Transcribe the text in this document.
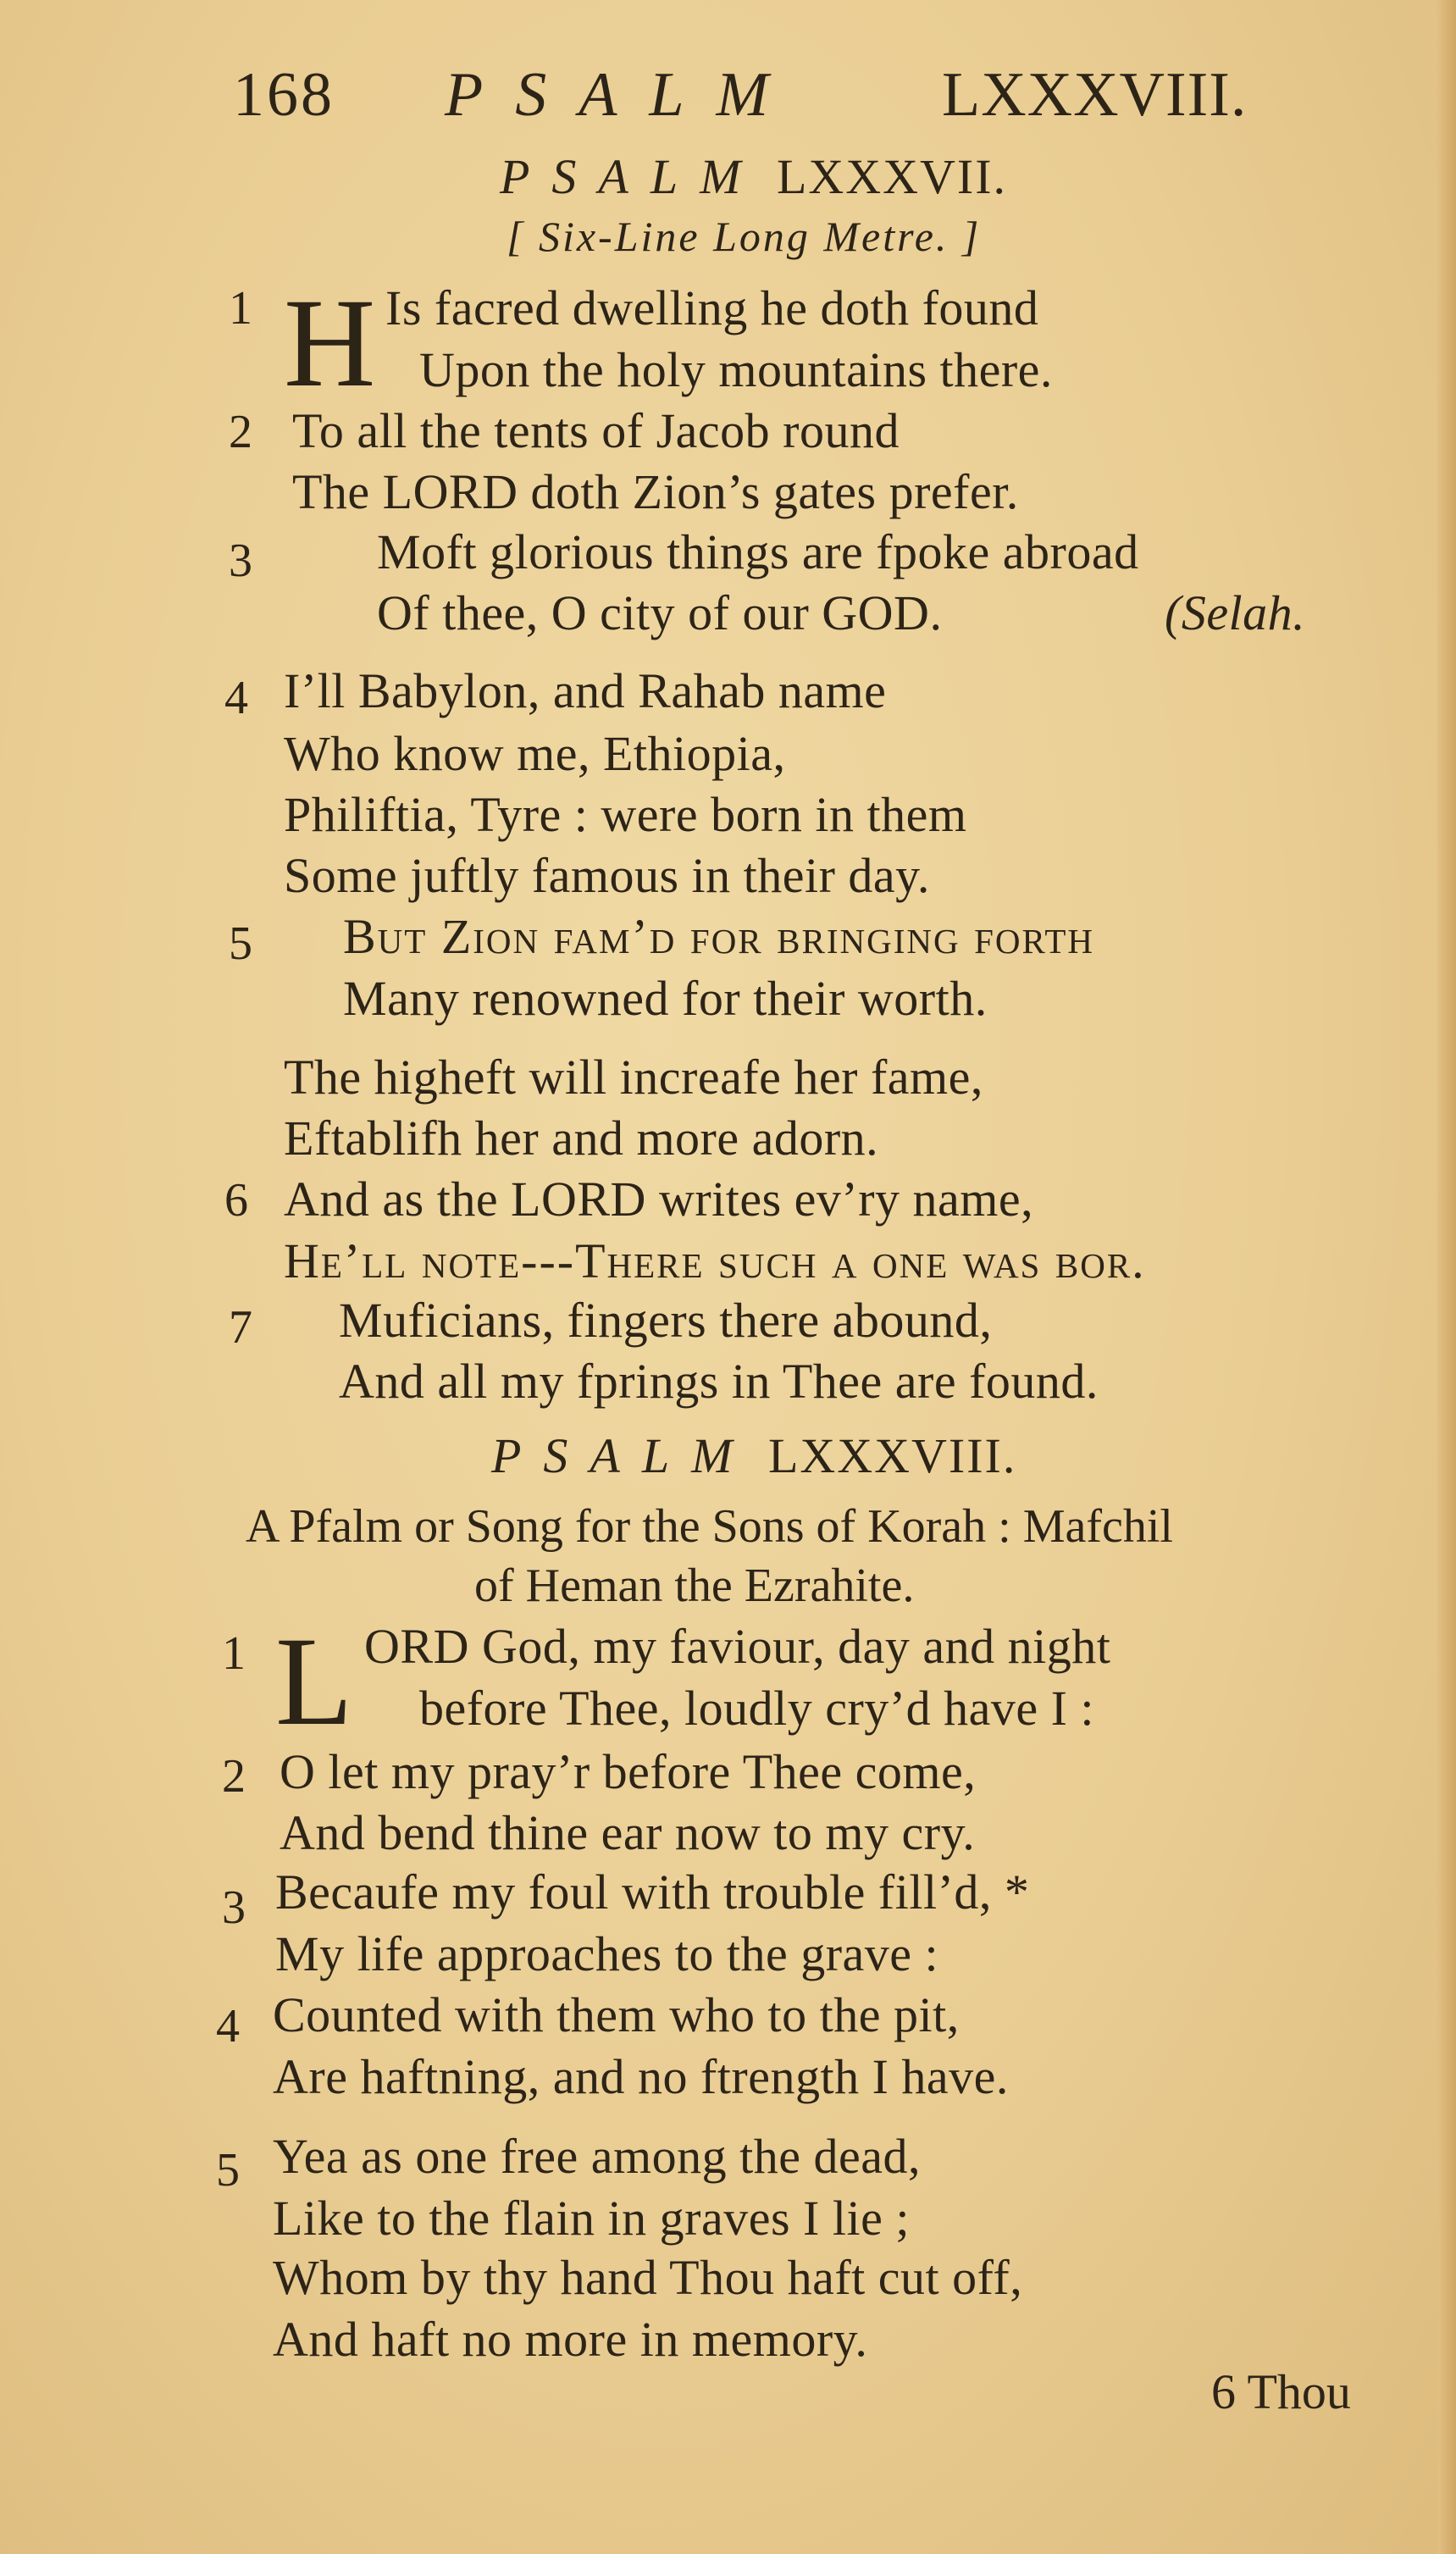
168 PSALM LXXXVIII.
PSALM LXXXVII.
[ Six-Line Long Metre. ]
1 H Is facred dwelling he doth found
Upon the holy mountains there.
2 To all the tents of Jacob round
The LORD doth Zion’s gates prefer.
3	Moft glorious things are fpoke abroad
Of thee, O city of our GOD.	(Selah.
4 I’ll Babylon, and Rahab name
Who know me, Ethiopia,
Philiftia, Tyre : were born in them
Some juftly famous in their day.
5	But Zion fam’d for bringing forth
Many renowned for their worth.
The higheft will increafe her fame,
Eftablifh her and more adorn.
6 And as the LORD writes ev’ry name,
He’ll note---There such a one was bor.
7	Muficians, fingers there abound,
And all my fprings in Thee are found.
PSALM LXXXVIII.
A Pfalm or Song for the Sons of Korah : Mafchil
of Heman the Ezrahite.
1 L ORD God, my faviour, day and night
before Thee, loudly cry’d have I :
2 O let my pray’r before Thee come,
And bend thine ear now to my cry.
3 Becaufe my foul with trouble fill’d, *
My life approaches to the grave :
4 Counted with them who to the pit,
Are haftning, and no ftrength I have.
5 Yea as one free among the dead,
Like to the flain in graves I lie ;
Whom by thy hand Thou haft cut off,
And haft no more in memory.
6 Thou
